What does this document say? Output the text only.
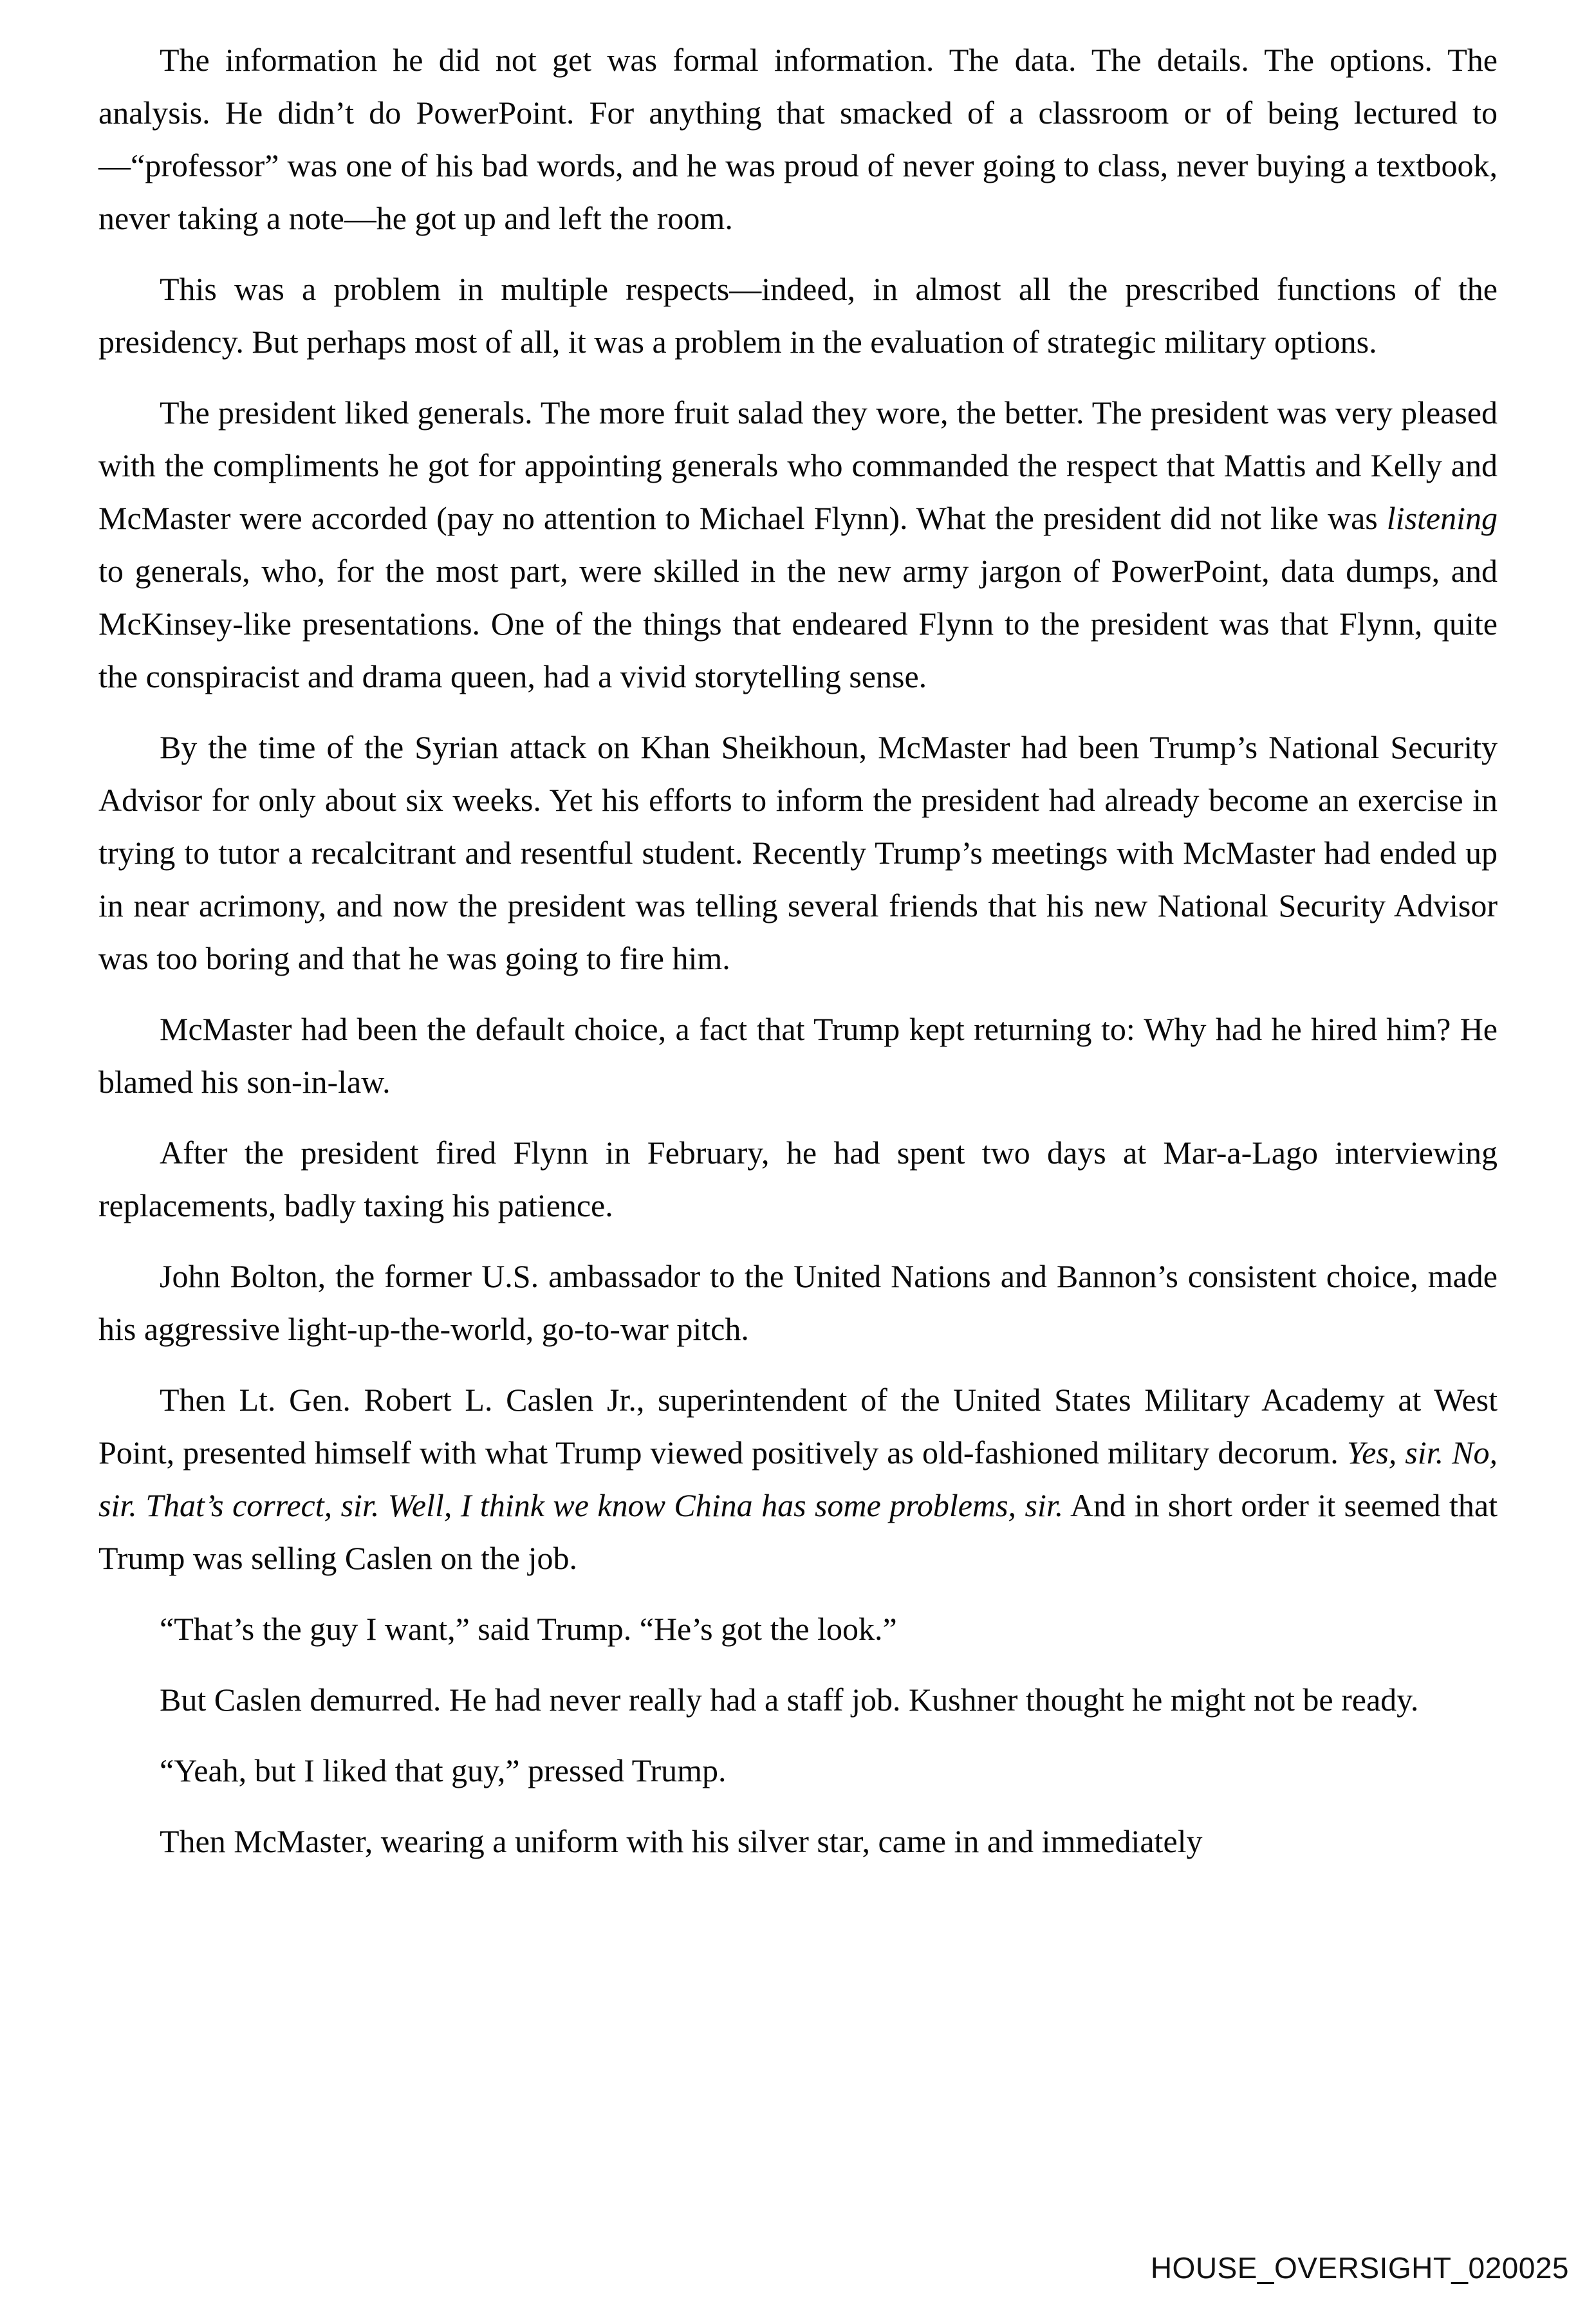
The information he did not get was formal information. The data. The details. The options. The analysis. He didn’t do PowerPoint. For anything that smacked of a classroom or of being lectured to—“professor” was one of his bad words, and he was proud of never going to class, never buying a textbook, never taking a note—he got up and left the room.

This was a problem in multiple respects—indeed, in almost all the prescribed functions of the presidency. But perhaps most of all, it was a problem in the evaluation of strategic military options.

The president liked generals. The more fruit salad they wore, the better. The president was very pleased with the compliments he got for appointing generals who commanded the respect that Mattis and Kelly and McMaster were accorded (pay no attention to Michael Flynn). What the president did not like was listening to generals, who, for the most part, were skilled in the new army jargon of PowerPoint, data dumps, and McKinsey-like presentations. One of the things that endeared Flynn to the president was that Flynn, quite the conspiracist and drama queen, had a vivid storytelling sense.

By the time of the Syrian attack on Khan Sheikhoun, McMaster had been Trump’s National Security Advisor for only about six weeks. Yet his efforts to inform the president had already become an exercise in trying to tutor a recalcitrant and resentful student. Recently Trump’s meetings with McMaster had ended up in near acrimony, and now the president was telling several friends that his new National Security Advisor was too boring and that he was going to fire him.

McMaster had been the default choice, a fact that Trump kept returning to: Why had he hired him? He blamed his son-in-law.

After the president fired Flynn in February, he had spent two days at Mar-a-Lago interviewing replacements, badly taxing his patience.

John Bolton, the former U.S. ambassador to the United Nations and Bannon’s consistent choice, made his aggressive light-up-the-world, go-to-war pitch.

Then Lt. Gen. Robert L. Caslen Jr., superintendent of the United States Military Academy at West Point, presented himself with what Trump viewed positively as old-fashioned military decorum. Yes, sir. No, sir. That’s correct, sir. Well, I think we know China has some problems, sir. And in short order it seemed that Trump was selling Caslen on the job.

“That’s the guy I want,” said Trump. “He’s got the look.”

But Caslen demurred. He had never really had a staff job. Kushner thought he might not be ready.

“Yeah, but I liked that guy,” pressed Trump.

Then McMaster, wearing a uniform with his silver star, came in and immediately

HOUSE_OVERSIGHT_020025
